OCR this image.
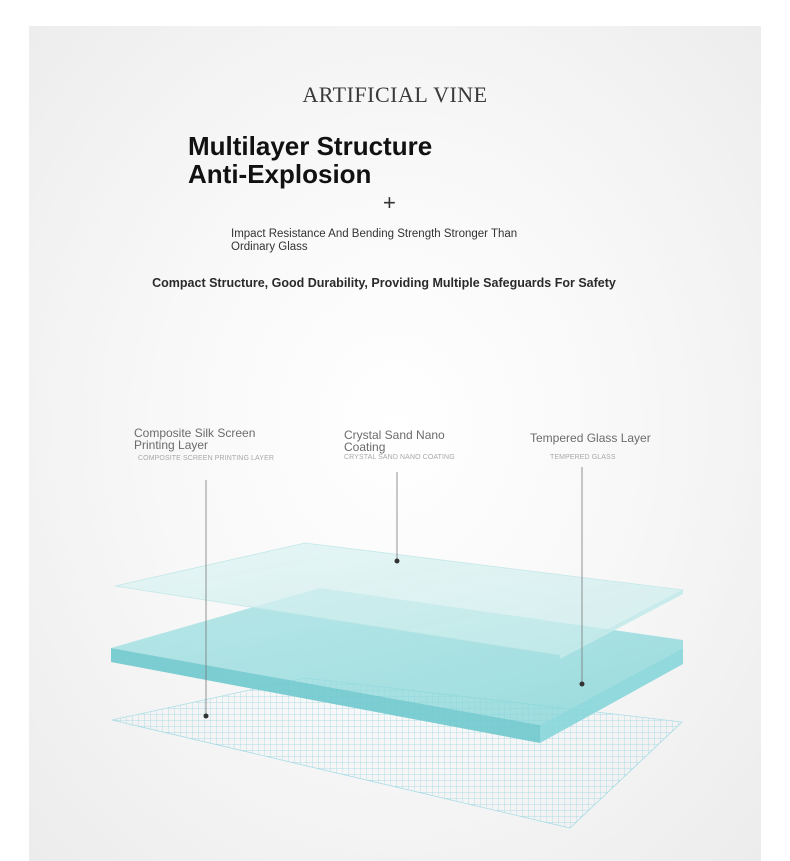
ARTIFICIAL VINE
Multilayer Structure
Anti-Explosion
+
Impact Resistance And Bending Strength Stronger Than Ordinary Glass
Compact Structure, Good Durability, Providing Multiple Safeguards For Safety
Composite Silk Screen Printing Layer
COMPOSITE SCREEN PRINTING LAYER
Crystal Sand Nano Coating
CRYSTAL SAND NANO COATING
Tempered Glass Layer
TEMPERED GLASS
